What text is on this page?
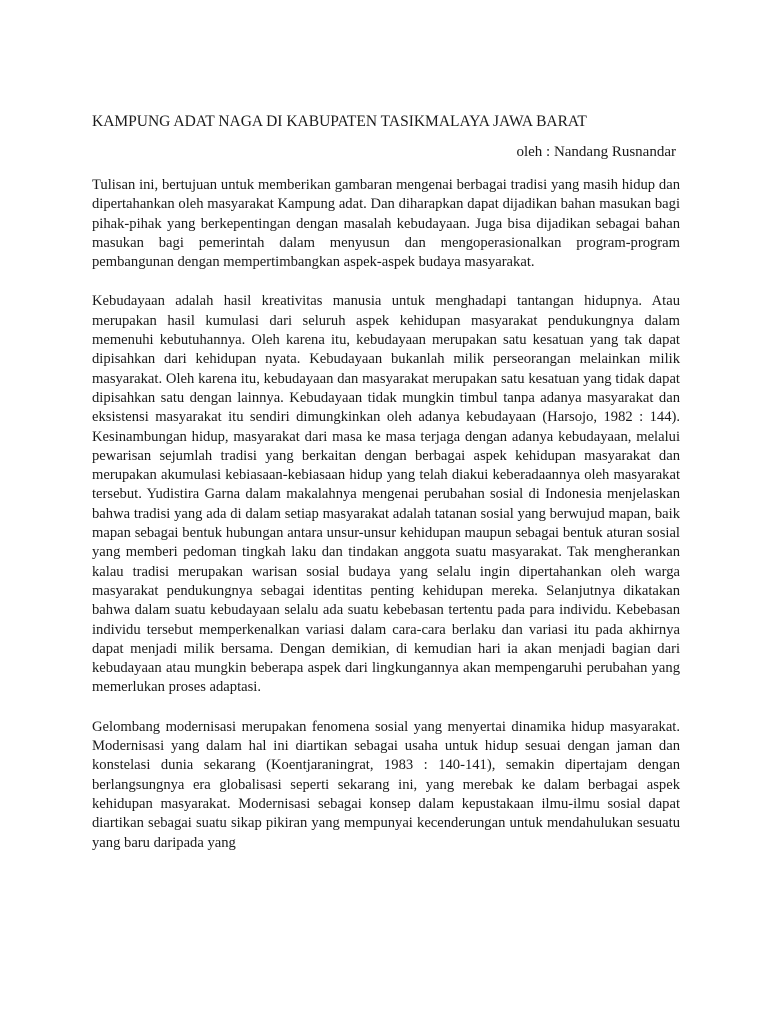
KAMPUNG ADAT NAGA DI KABUPATEN TASIKMALAYA JAWA BARAT
oleh : Nandang Rusnandar

Tulisan ini, bertujuan untuk memberikan gambaran mengenai berbagai tradisi yang masih hidup dan dipertahankan oleh masyarakat Kampung adat. Dan diharapkan dapat dijadikan bahan masukan bagi pihak-pihak yang berkepentingan dengan masalah kebudayaan. Juga bisa dijadikan sebagai bahan masukan bagi pemerintah dalam menyusun dan mengoperasionalkan program-program pembangunan dengan mempertimbangkan aspek-aspek budaya masyarakat.

Kebudayaan adalah hasil kreativitas manusia untuk menghadapi tantangan hidupnya. Atau merupakan hasil kumulasi dari seluruh aspek kehidupan masyarakat pendukungnya dalam memenuhi kebutuhannya. Oleh karena itu, kebudayaan merupakan satu kesatuan yang tak dapat dipisahkan dari kehidupan nyata. Kebudayaan bukanlah milik perseorangan melainkan milik masyarakat. Oleh karena itu, kebudayaan dan masyarakat merupakan satu kesatuan yang tidak dapat dipisahkan satu dengan lainnya. Kebudayaan tidak mungkin timbul tanpa adanya masyarakat dan eksistensi masyarakat itu sendiri dimungkinkan oleh adanya kebudayaan (Harsojo, 1982 : 144). Kesinambungan hidup, masyarakat dari masa ke masa terjaga dengan adanya kebudayaan, melalui pewarisan sejumlah tradisi yang berkaitan dengan berbagai aspek kehidupan masyarakat dan merupakan akumulasi kebiasaan-kebiasaan hidup yang telah diakui keberadaannya oleh masyarakat tersebut. Yudistira Garna dalam makalahnya mengenai perubahan sosial di Indonesia menjelaskan bahwa tradisi yang ada di dalam setiap masyarakat adalah tatanan sosial yang berwujud mapan, baik mapan sebagai bentuk hubungan antara unsur-unsur kehidupan maupun sebagai bentuk aturan sosial yang memberi pedoman tingkah laku dan tindakan anggota suatu masyarakat. Tak mengherankan kalau tradisi merupakan warisan sosial budaya yang selalu ingin dipertahankan oleh warga masyarakat pendukungnya sebagai identitas penting kehidupan mereka. Selanjutnya dikatakan bahwa dalam suatu kebudayaan selalu ada suatu kebebasan tertentu pada para individu. Kebebasan individu tersebut memperkenalkan variasi dalam cara-cara berlaku dan variasi itu pada akhirnya dapat menjadi milik bersama. Dengan demikian, di kemudian hari ia akan menjadi bagian dari kebudayaan atau mungkin beberapa aspek dari lingkungannya akan mempengaruhi perubahan yang memerlukan proses adaptasi.

Gelombang modernisasi merupakan fenomena sosial yang menyertai dinamika hidup masyarakat. Modernisasi yang dalam hal ini diartikan sebagai usaha untuk hidup sesuai dengan jaman dan konstelasi dunia sekarang (Koentjaraningrat, 1983 : 140-141), semakin dipertajam dengan berlangsungnya era globalisasi seperti sekarang ini, yang merebak ke dalam berbagai aspek kehidupan masyarakat. Modernisasi sebagai konsep dalam kepustakaan ilmu-ilmu sosial dapat diartikan sebagai suatu sikap pikiran yang mempunyai kecenderungan untuk mendahulukan sesuatu yang baru daripada yang
